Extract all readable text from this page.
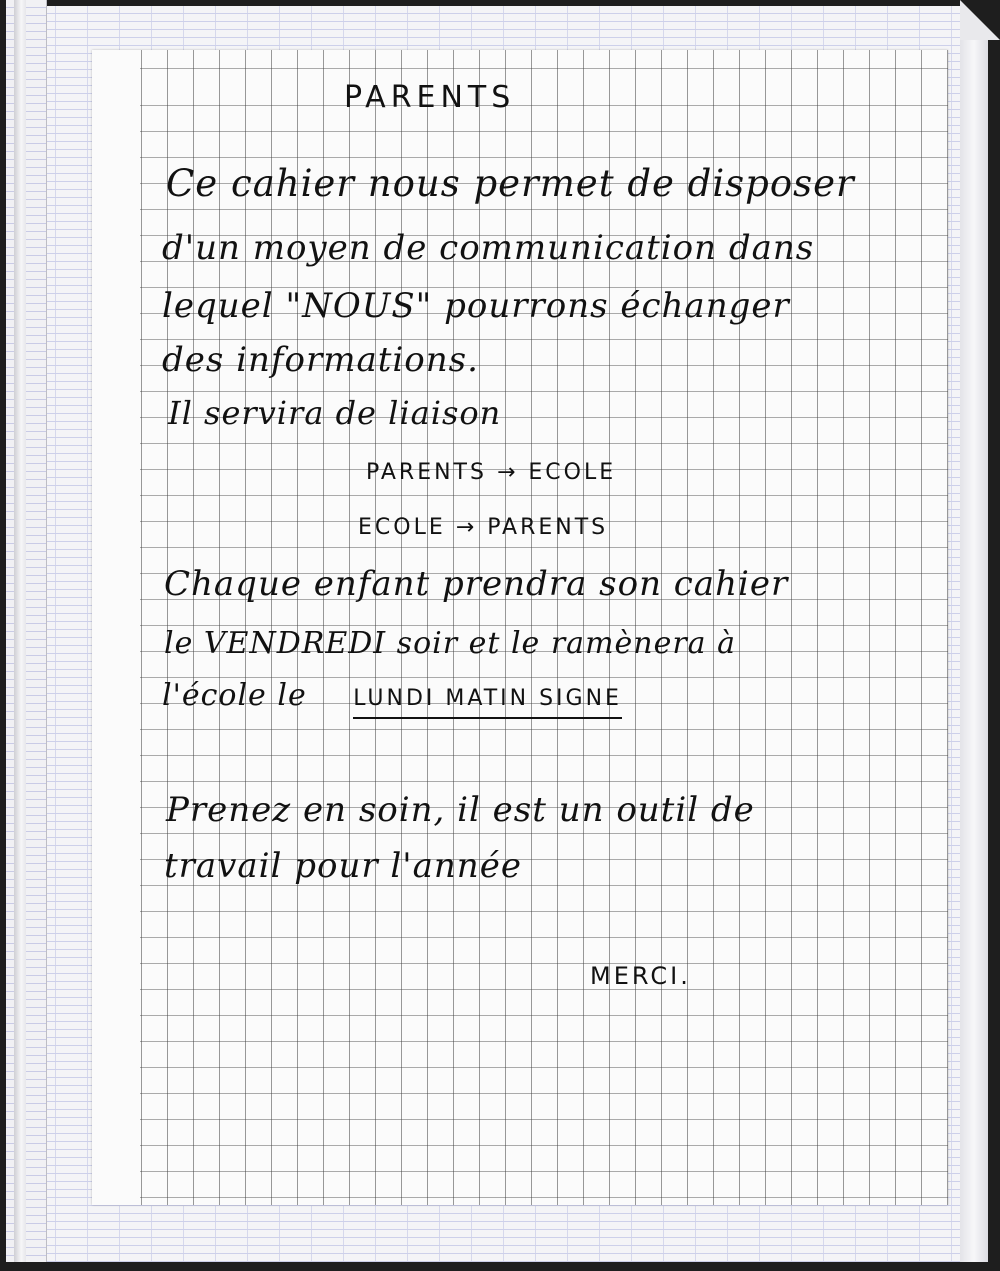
PARENTS
Ce cahier nous permet de disposer
d'un moyen de communication dans
lequel "NOUS" pourrons échanger
des informations.
Il servira de liaison
PARENTS → ECOLE
ECOLE → PARENTS
Chaque enfant prendra son cahier
le VENDREDI soir et le ramènera à
l'école le LUNDI MATIN SIGNE
Prenez en soin, il est un outil de
travail pour l'année
MERCI.
